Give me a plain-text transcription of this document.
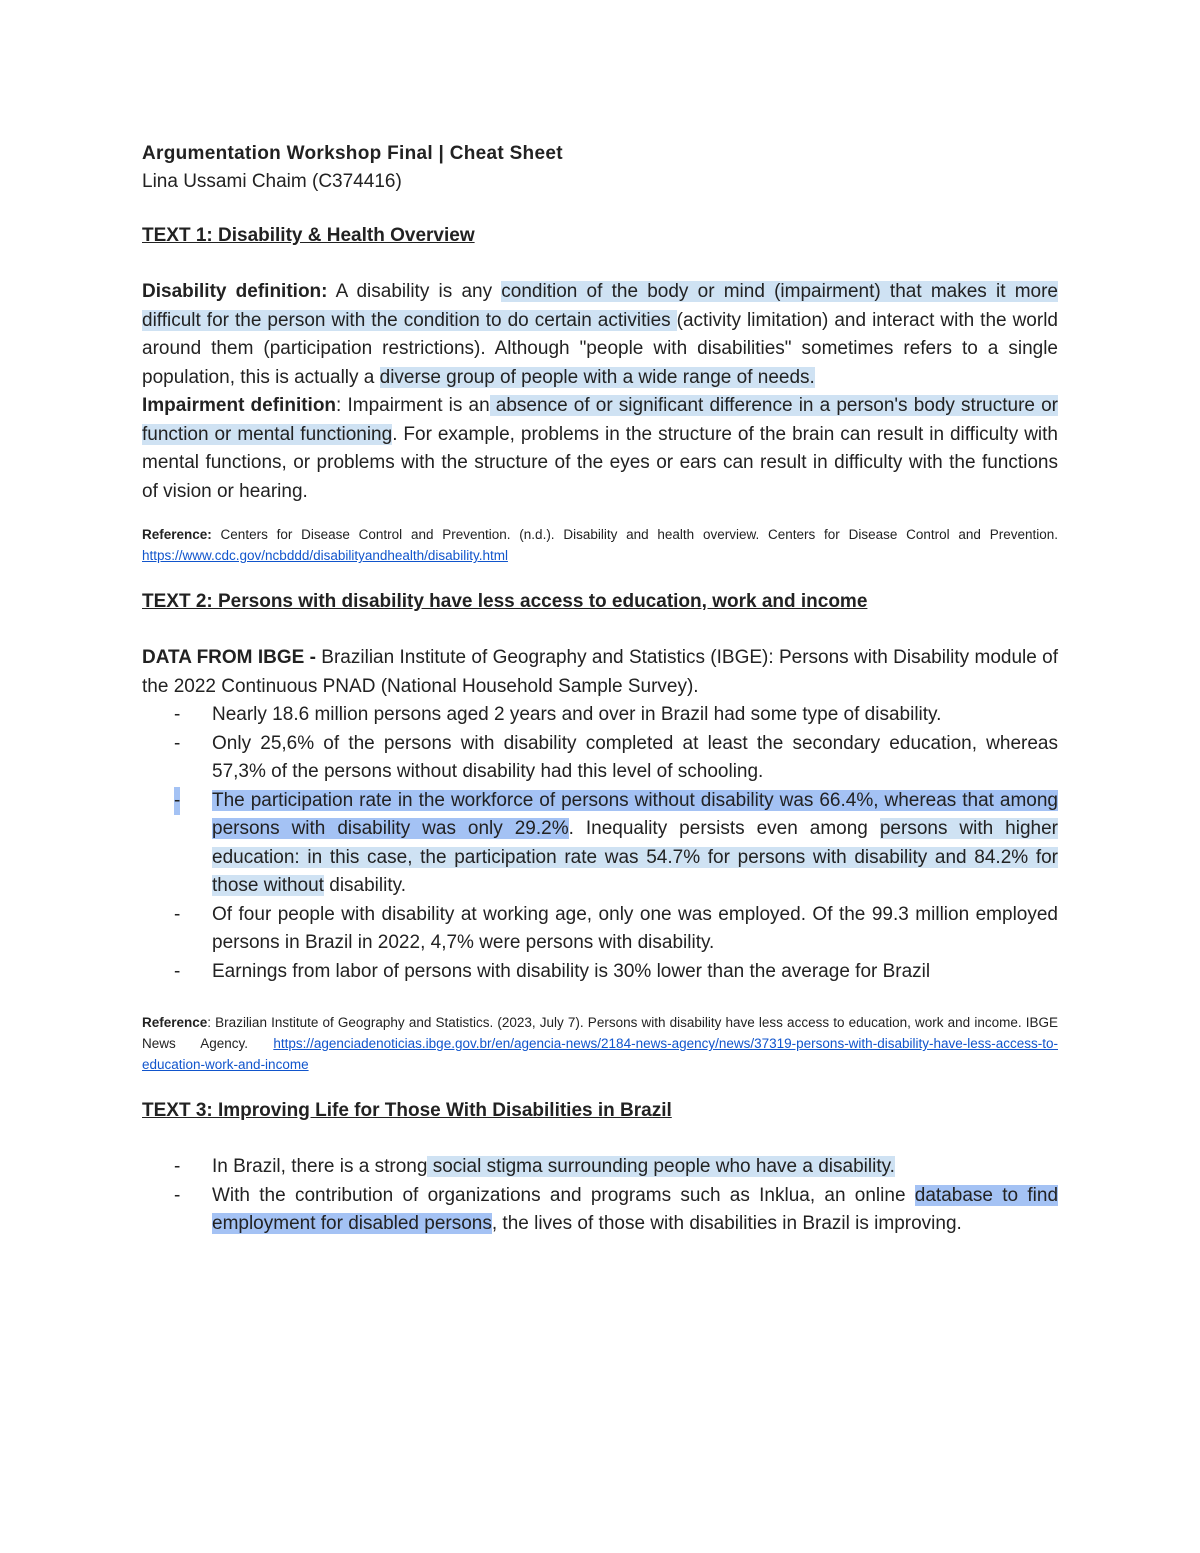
Argumentation Workshop Final | Cheat Sheet

Lina Ussami Chaim (C374416)

TEXT 1: Disability & Health Overview

Disability definition: A disability is any condition of the body or mind (impairment) that makes it more difficult for the person with the condition to do certain activities (activity limitation) and interact with the world around them (participation restrictions). Although "people with disabilities" sometimes refers to a single population, this is actually a diverse group of people with a wide range of needs.

Impairment definition: Impairment is an absence of or significant difference in a person's body structure or function or mental functioning. For example, problems in the structure of the brain can result in difficulty with mental functions, or problems with the structure of the eyes or ears can result in difficulty with the functions of vision or hearing.

Reference: Centers for Disease Control and Prevention. (n.d.). Disability and health overview. Centers for Disease Control and Prevention. https://www.cdc.gov/ncbddd/disabilityandhealth/disability.html

TEXT 2: Persons with disability have less access to education, work and income

DATA FROM IBGE - Brazilian Institute of Geography and Statistics (IBGE): Persons with Disability module of the 2022 Continuous PNAD (National Household Sample Survey).

- Nearly 18.6 million persons aged 2 years and over in Brazil had some type of disability.
- Only 25,6% of the persons with disability completed at least the secondary education, whereas 57,3% of the persons without disability had this level of schooling.
- The participation rate in the workforce of persons without disability was 66.4%, whereas that among persons with disability was only 29.2%. Inequality persists even among persons with higher education: in this case, the participation rate was 54.7% for persons with disability and 84.2% for those without disability.
- Of four people with disability at working age, only one was employed. Of the 99.3 million employed persons in Brazil in 2022, 4,7% were persons with disability.
- Earnings from labor of persons with disability is 30% lower than the average for Brazil

Reference: Brazilian Institute of Geography and Statistics. (2023, July 7). Persons with disability have less access to education, work and income. IBGE News Agency. https://agenciadenoticias.ibge.gov.br/en/agencia-news/2184-news-agency/news/37319-persons-with-disability-have-less-access-to-education-work-and-income

TEXT 3: Improving Life for Those With Disabilities in Brazil

- In Brazil, there is a strong social stigma surrounding people who have a disability.
- With the contribution of organizations and programs such as Inklua, an online database to find employment for disabled persons, the lives of those with disabilities in Brazil is improving.
